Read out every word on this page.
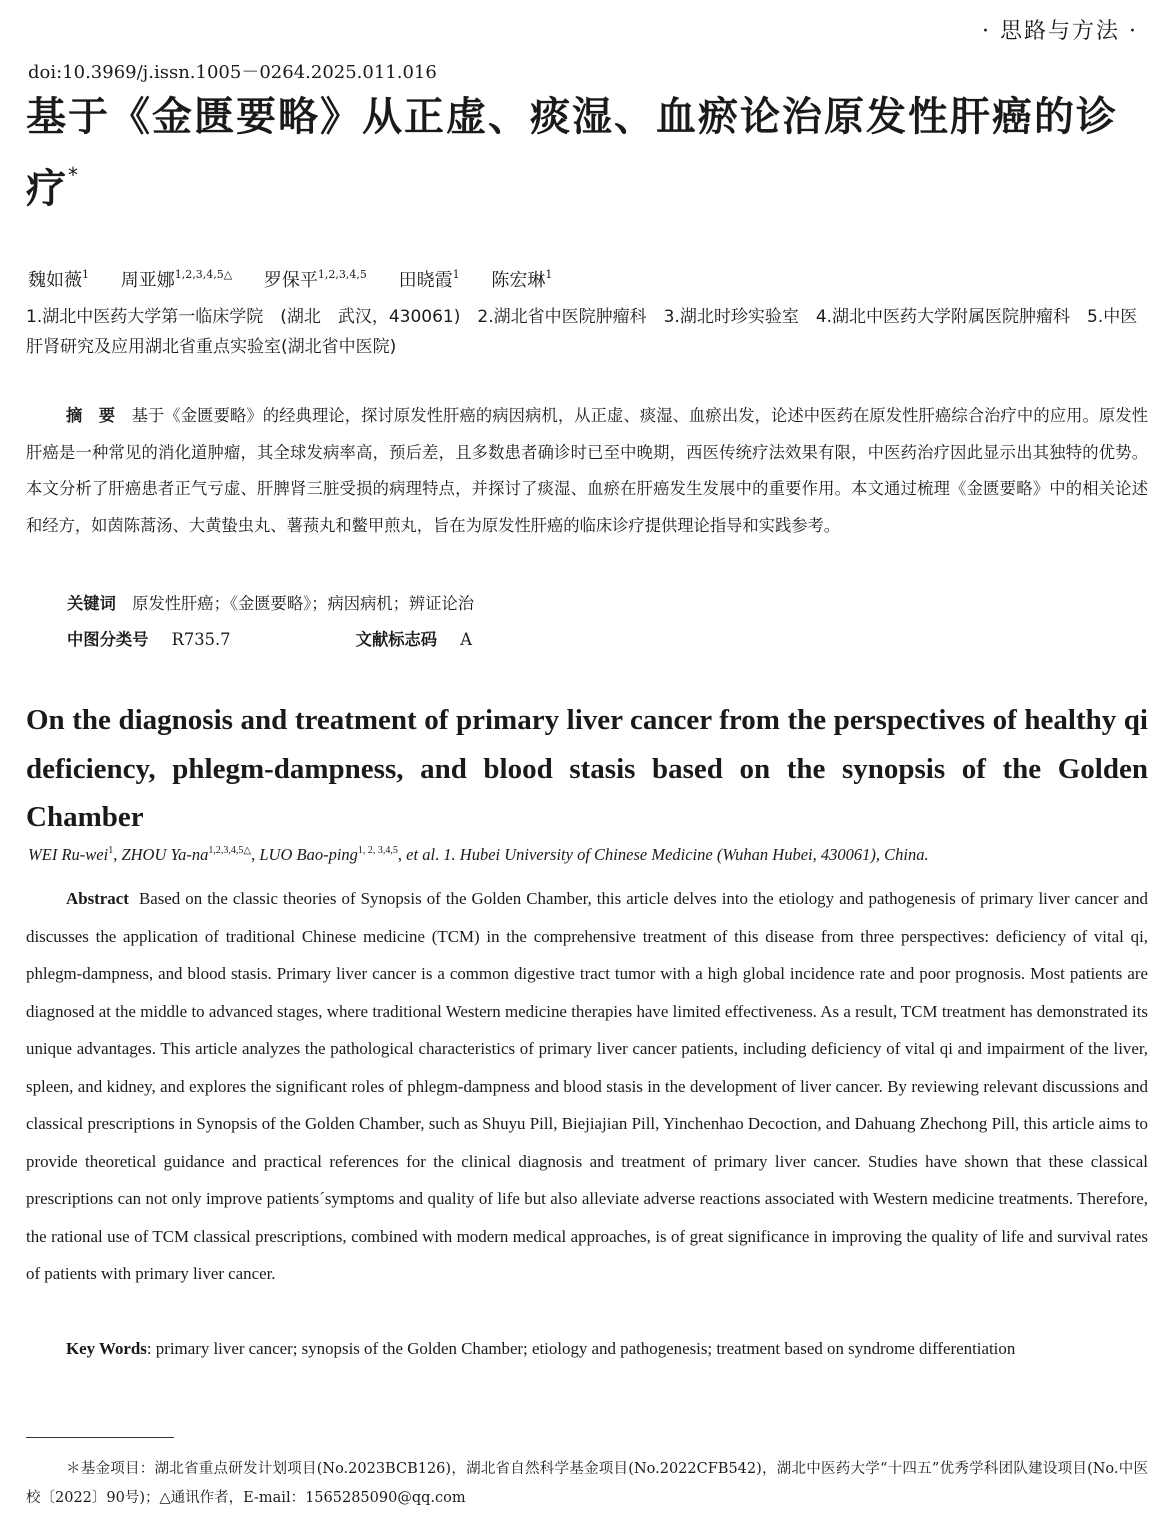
· 思路与方法 ·
doi:10.3969/j.issn.1005－0264.2025.011.016
基于《金匮要略》从正虚、痰湿、血瘀论治原发性肝癌的诊疗*
魏如薇$^1$ 周亚娜$^{1,2,3,4,5\triangle}$ 罗保平$^{1,2,3,4,5}$ 田晓霞$^1$ 陈宏琳$^1$
1.湖北中医药大学第一临床学院　(湖北　武汉，430061)　2.湖北省中医院肿瘤科　3.湖北时珍实验室　4.湖北中医药大学附属医院肿瘤科　5.中医肝肾研究及应用湖北省重点实验室(湖北省中医院)
摘　要　 基于《金匮要略》的经典理论，探讨原发性肝癌的病因病机，从正虚、痰湿、血瘀出发，论述中医药在原发性肝癌综合治疗中的应用。原发性肝癌是一种常见的消化道肿瘤，其全球发病率高，预后差，且多数患者确诊时已至中晚期，西医传统疗法效果有限，中医药治疗因此显示出其独特的优势。本文分析了肝癌患者正气亏虚、肝脾肾三脏受损的病理特点，并探讨了痰湿、血瘀在肝癌发生发展中的重要作用。本文通过梳理《金匮要略》中的相关论述和经方，如茵陈蒿汤、大黄蛰虫丸、薯蓣丸和鳖甲煎丸，旨在为原发性肝癌的临床诊疗提供理论指导和实践参考。
关键词　 原发性肝癌；《金匮要略》；病因病机；辨证论治
中图分类号 R735.7	文献标志码 A
On the diagnosis and treatment of primary liver cancer from the perspectives of healthy qi deficiency, phlegm-dampness, and blood stasis based on the synopsis of the Golden Chamber
WEI Ru-wei$^1$, ZHOU $Ya-na^{1,2,3,4,5\triangle}$, LUO Bao-ping$^{1, 2, 3,4,5}$, et al. 1. Hubei University of Chinese Medicine (Wuhan Hubei, 430061), China.
Abstract Based on the classic theories of Synopsis of the Golden Chamber, this article delves into the etiology and pathogenesis of primary liver cancer and discusses the application of traditional Chinese medicine (TCM) in the comprehensive treatment of this disease from three perspectives: deficiency of vital qi, phlegm-dampness, and blood stasis. Primary liver cancer is a common digestive tract tumor with a high global incidence rate and poor prognosis. Most patients are diagnosed at the middle to advanced stages, where traditional Western medicine therapies have limited effectiveness. As a result, TCM treatment has demonstrated its unique advantages. This article analyzes the pathological characteristics of primary liver cancer patients, including deficiency of vital qi and impairment of the liver, spleen, and kidney, and explores the significant roles of phlegm-dampness and blood stasis in the development of liver cancer. By reviewing relevant discussions and classical prescriptions in Synopsis of the Golden Chamber, such as Shuyu Pill, Biejiajian Pill, Yinchenhao Decoction, and Dahuang Zhechong Pill, this article aims to provide theoretical guidance and practical references for the clinical diagnosis and treatment of primary liver cancer. Studies have shown that these classical prescriptions can not only improve patients´symptoms and quality of life but also alleviate adverse reactions associated with Western medicine treatments. Therefore, the rational use of TCM classical prescriptions, combined with modern medical approaches, is of great significance in improving the quality of life and survival rates of patients with primary liver cancer.
Key Words: primary liver cancer; synopsis of the Golden Chamber; etiology and pathogenesis; treatment based on syndrome differentiation
＊基金项目：湖北省重点研发计划项目(No.2023BCB126)，湖北省自然科学基金项目(No.2022CFB542)，湖北中医药大学“十四五”优秀学科团队建设项目(No.中医校〔2022〕90号)；△通讯作者，E-mail：1565285090@qq.com
